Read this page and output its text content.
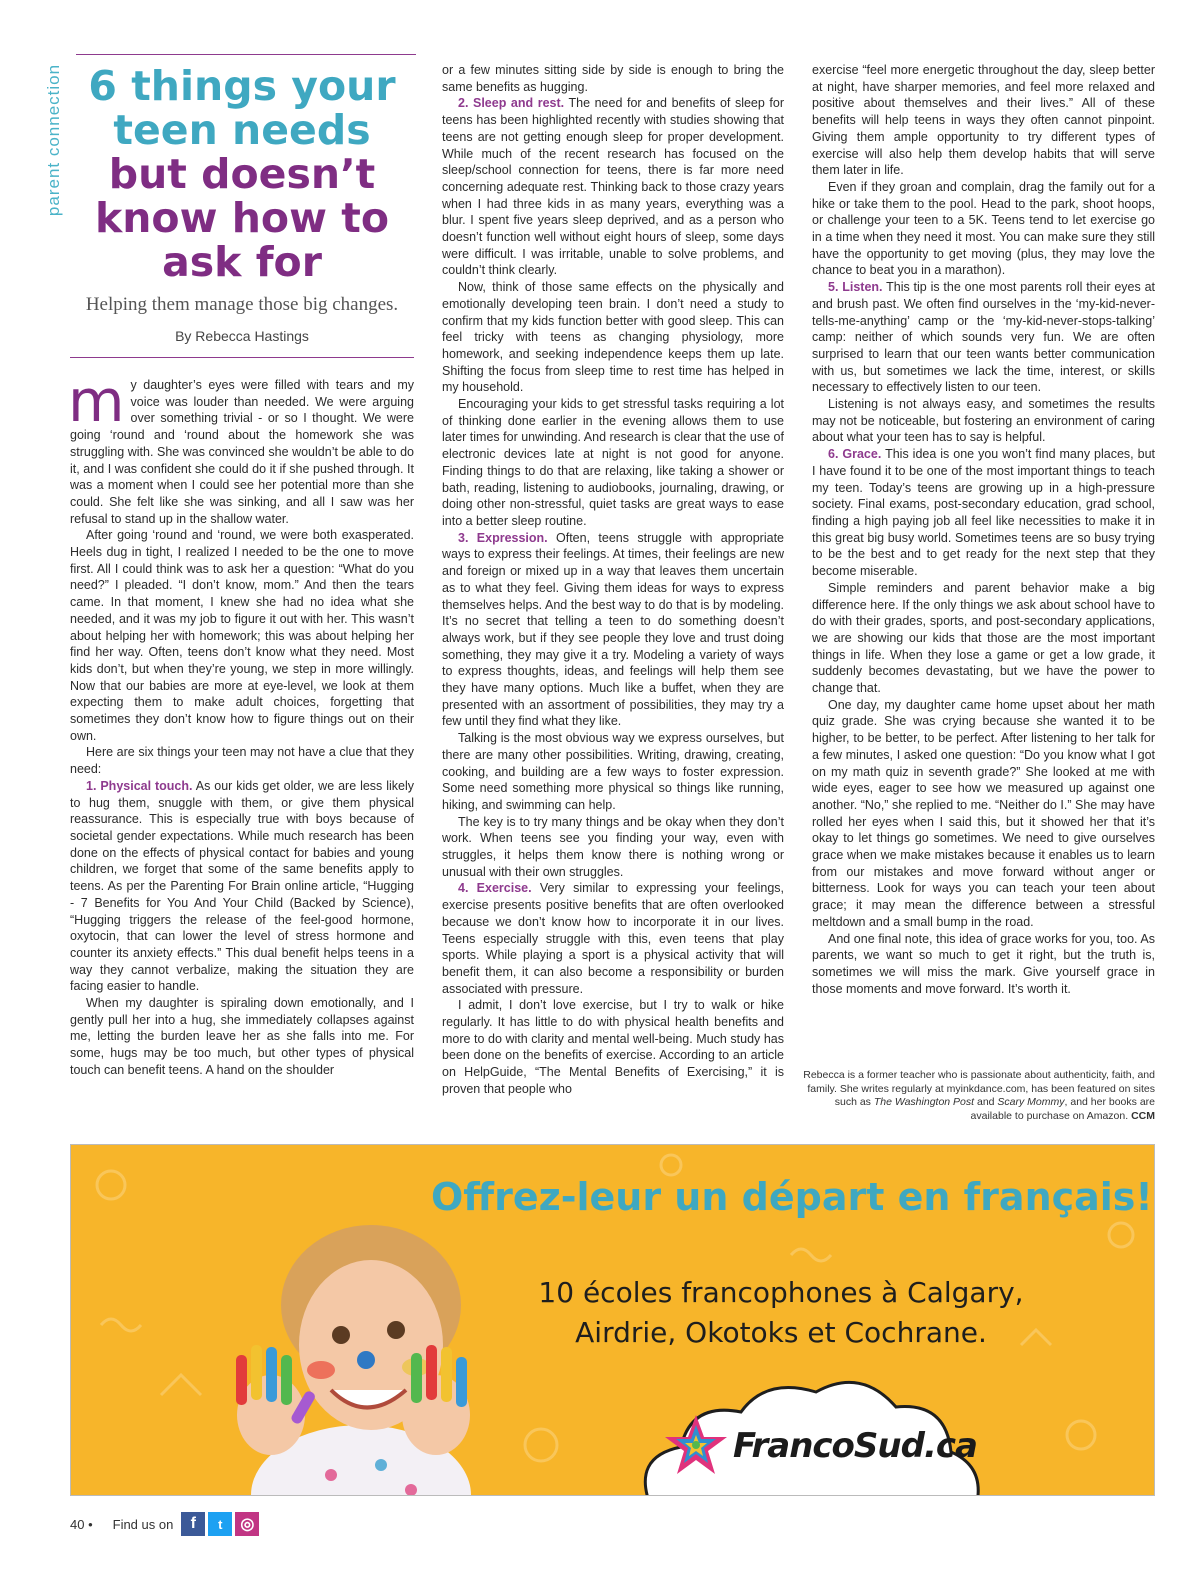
parent connection 6 things your
teen needs
but doesn’t
know how to
ask for
Helping them manage those big changes.
By Rebecca Hastings

my daughter’s eyes were filled with tears and my voice was louder than needed. We were arguing over something trivial - or so I thought. We were going ‘round and ‘round about the homework she was struggling with. She was convinced she wouldn’t be able to do it, and I was confident she could do it if she pushed through. It was a moment when I could see her potential more than she could. She felt like she was sinking, and all I saw was her refusal to stand up in the shallow water.

After going ‘round and ‘round, we were both exasperated. Heels dug in tight, I realized I needed to be the one to move first. All I could think was to ask her a question: “What do you need?” I pleaded. “I don’t know, mom.” And then the tears came. In that moment, I knew she had no idea what she needed, and it was my job to figure it out with her. This wasn’t about helping her with homework; this was about helping her find her way. Often, teens don’t know what they need. Most kids don’t, but when they’re young, we step in more willingly. Now that our babies are more at eye-level, we look at them expecting them to make adult choices, forgetting that sometimes they don’t know how to figure things out on their own.

Here are six things your teen may not have a clue that they need:

1. Physical touch. As our kids get older, we are less likely to hug them, snuggle with them, or give them physical reassurance. This is especially true with boys because of societal gender expectations. While much research has been done on the effects of physical contact for babies and young children, we forget that some of the same benefits apply to teens. As per the Parenting For Brain online article, “Hugging - 7 Benefits for You And Your Child (Backed by Science), “Hugging triggers the release of the feel-good hormone, oxytocin, that can lower the level of stress hormone and counter its anxiety effects.” This dual benefit helps teens in a way they cannot verbalize, making the situation they are facing easier to handle.

When my daughter is spiraling down emotionally, and I gently pull her into a hug, she immediately collapses against me, letting the burden leave her as she falls into me. For some, hugs may be too much, but other types of physical touch can benefit teens. A hand on the shoulder

or a few minutes sitting side by side is enough to bring the same benefits as hugging.

2. Sleep and rest. The need for and benefits of sleep for teens has been highlighted recently with studies showing that teens are not getting enough sleep for proper development. While much of the recent research has focused on the sleep/school connection for teens, there is far more need concerning adequate rest. Thinking back to those crazy years when I had three kids in as many years, everything was a blur. I spent five years sleep deprived, and as a person who doesn’t function well without eight hours of sleep, some days were difficult. I was irritable, unable to solve problems, and couldn’t think clearly.

Now, think of those same effects on the physically and emotionally developing teen brain. I don’t need a study to confirm that my kids function better with good sleep. This can feel tricky with teens as changing physiology, more homework, and seeking independence keeps them up late. Shifting the focus from sleep time to rest time has helped in my household.

Encouraging your kids to get stressful tasks requiring a lot of thinking done earlier in the evening allows them to use later times for unwinding. And research is clear that the use of electronic devices late at night is not good for anyone. Finding things to do that are relaxing, like taking a shower or bath, reading, listening to audiobooks, journaling, drawing, or doing other non-stressful, quiet tasks are great ways to ease into a better sleep routine.

3. Expression. Often, teens struggle with appropriate ways to express their feelings. At times, their feelings are new and foreign or mixed up in a way that leaves them uncertain as to what they feel. Giving them ideas for ways to express themselves helps. And the best way to do that is by modeling. It’s no secret that telling a teen to do something doesn’t always work, but if they see people they love and trust doing something, they may give it a try. Modeling a variety of ways to express thoughts, ideas, and feelings will help them see they have many options. Much like a buffet, when they are presented with an assortment of possibilities, they may try a few until they find what they like.

Talking is the most obvious way we express ourselves, but there are many other possibilities. Writing, drawing, creating, cooking, and building are a few ways to foster expression. Some need something more physical so things like running, hiking, and swimming can help.

The key is to try many things and be okay when they don’t work. When teens see you finding your way, even with struggles, it helps them know there is nothing wrong or unusual with their own struggles.

4. Exercise. Very similar to expressing your feelings, exercise presents positive benefits that are often overlooked because we don’t know how to incorporate it in our lives. Teens especially struggle with this, even teens that play sports. While playing a sport is a physical activity that will benefit them, it can also become a responsibility or burden associated with pressure.

I admit, I don’t love exercise, but I try to walk or hike regularly. It has little to do with physical health benefits and more to do with clarity and mental well-being. Much study has been done on the benefits of exercise. According to an article on HelpGuide, “The Mental Benefits of Exercising,” it is proven that people who

exercise “feel more energetic throughout the day, sleep better at night, have sharper memories, and feel more relaxed and positive about themselves and their lives.” All of these benefits will help teens in ways they often cannot pinpoint. Giving them ample opportunity to try different types of exercise will also help them develop habits that will serve them later in life.

Even if they groan and complain, drag the family out for a hike or take them to the pool. Head to the park, shoot hoops, or challenge your teen to a 5K. Teens tend to let exercise go in a time when they need it most. You can make sure they still have the opportunity to get moving (plus, they may love the chance to beat you in a marathon).

5. Listen. This tip is the one most parents roll their eyes at and brush past. We often find ourselves in the ‘my-kid-never-tells-me-anything’ camp or the ‘my-kid-never-stops-talking’ camp: neither of which sounds very fun. We are often surprised to learn that our teen wants better communication with us, but sometimes we lack the time, interest, or skills necessary to effectively listen to our teen.

Listening is not always easy, and sometimes the results may not be noticeable, but fostering an environment of caring about what your teen has to say is helpful.

6. Grace. This idea is one you won’t find many places, but I have found it to be one of the most important things to teach my teen. Today’s teens are growing up in a high-pressure society. Final exams, post-secondary education, grad school, finding a high paying job all feel like necessities to make it in this great big busy world. Sometimes teens are so busy trying to be the best and to get ready for the next step that they become miserable.

Simple reminders and parent behavior make a big difference here. If the only things we ask about school have to do with their grades, sports, and post-secondary applications, we are showing our kids that those are the most important things in life. When they lose a game or get a low grade, it suddenly becomes devastating, but we have the power to change that.

One day, my daughter came home upset about her math quiz grade. She was crying because she wanted it to be higher, to be better, to be perfect. After listening to her talk for a few minutes, I asked one question: “Do you know what I got on my math quiz in seventh grade?” She looked at me with wide eyes, eager to see how we measured up against one another. “No,” she replied to me. “Neither do I.” She may have rolled her eyes when I said this, but it showed her that it’s okay to let things go sometimes. We need to give ourselves grace when we make mistakes because it enables us to learn from our mistakes and move forward without anger or bitterness. Look for ways you can teach your teen about grace; it may mean the difference between a stressful meltdown and a small bump in the road.

And one final note, this idea of grace works for you, too. As parents, we want so much to get it right, but the truth is, sometimes we will miss the mark. Give yourself grace in those moments and move forward. It’s worth it.

Rebecca is a former teacher who is passionate about authenticity, faith, and family. She writes regularly at myinkdance.com, has been featured on sites such as The Washington Post and Scary Mommy, and her books are available to purchase on Amazon. CCM
Offrez-leur un départ en français!
10 écoles francophones à Calgary,
Airdrie, Okotoks et Cochrane.
FrancoSud.ca
40 • Find us on	f	t	◎
